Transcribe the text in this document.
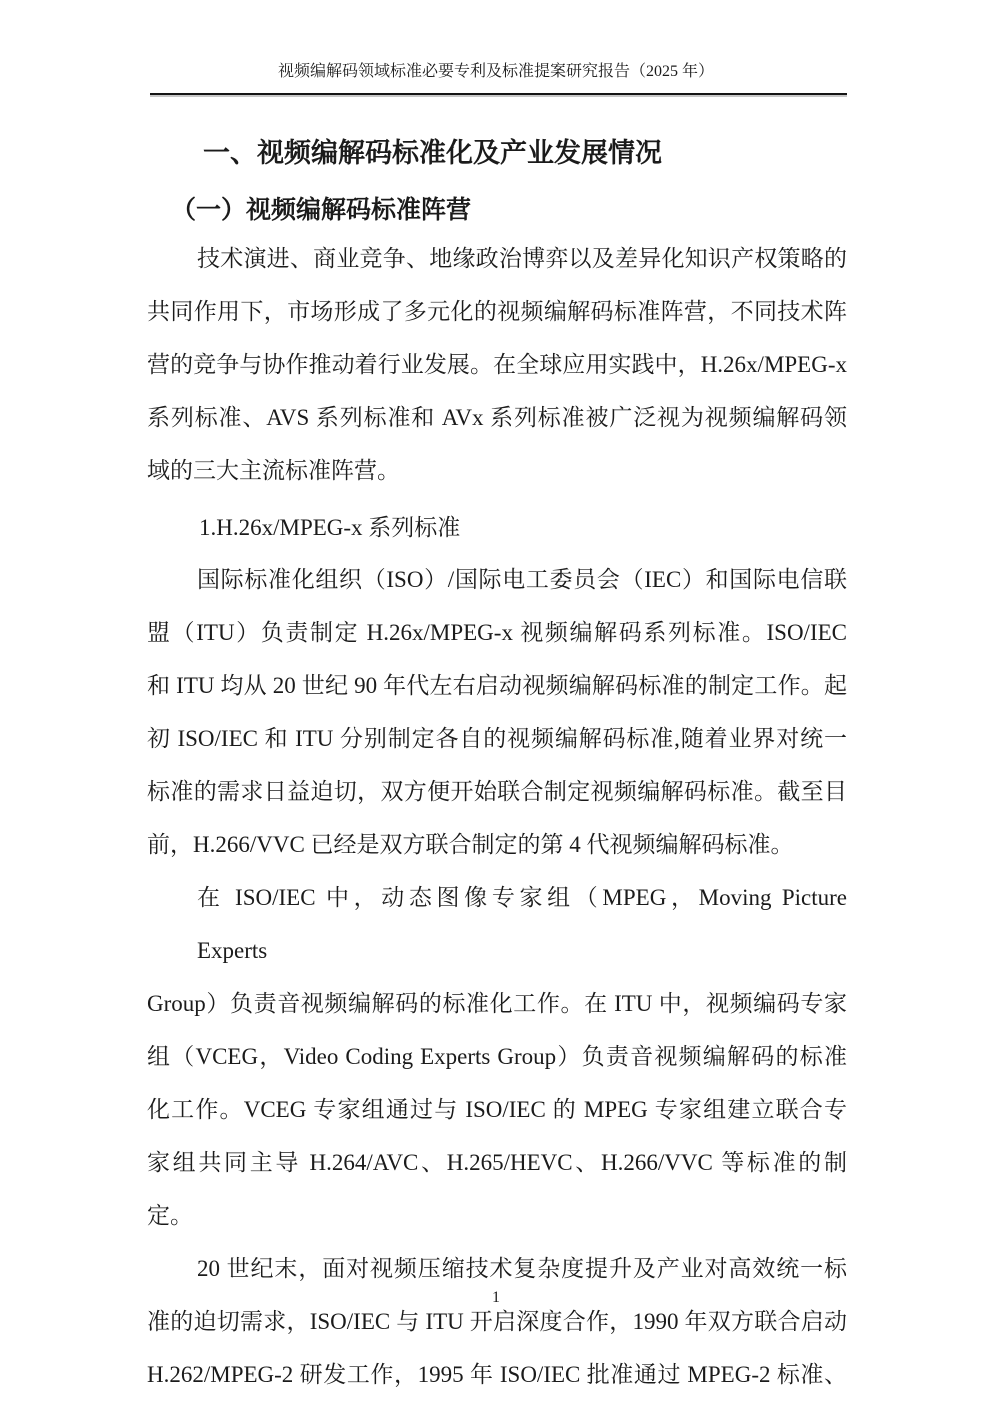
视频编解码领域标准必要专利及标准提案研究报告（2025 年）
一、视频编解码标准化及产业发展情况
（一）视频编解码标准阵营
技术演进、商业竞争、地缘政治博弈以及差异化知识产权策略的
共同作用下，市场形成了多元化的视频编解码标准阵营，不同技术阵
营的竞争与协作推动着行业发展。在全球应用实践中，H.26x/MPEG-x
系列标准、AVS 系列标准和 AVx 系列标准被广泛视为视频编解码领
域的三大主流标准阵营。
1.H.26x/MPEG-x 系列标准
国际标准化组织（ISO）/国际电工委员会（IEC）和国际电信联
盟（ITU）负责制定 H.26x/MPEG-x 视频编解码系列标准。ISO/IEC
和 ITU 均从 20 世纪 90 年代左右启动视频编解码标准的制定工作。起
初 ISO/IEC 和 ITU 分别制定各自的视频编解码标准,随着业界对统一
标准的需求日益迫切，双方便开始联合制定视频编解码标准。截至目
前，H.266/VVC 已经是双方联合制定的第 4 代视频编解码标准。
在 ISO/IEC 中，动态图像专家组（MPEG，Moving Picture Experts
Group）负责音视频编解码的标准化工作。在 ITU 中，视频编码专家
组（VCEG，Video Coding Experts Group）负责音视频编解码的标准
化工作。VCEG 专家组通过与 ISO/IEC 的 MPEG 专家组建立联合专
家组共同主导 H.264/AVC、H.265/HEVC、H.266/VVC 等标准的制定。
20 世纪末，面对视频压缩技术复杂度提升及产业对高效统一标
准的迫切需求，ISO/IEC 与 ITU 开启深度合作，1990 年双方联合启动
H.262/MPEG-2 研发工作，1995 年 ISO/IEC 批准通过 MPEG-2 标准、
1
